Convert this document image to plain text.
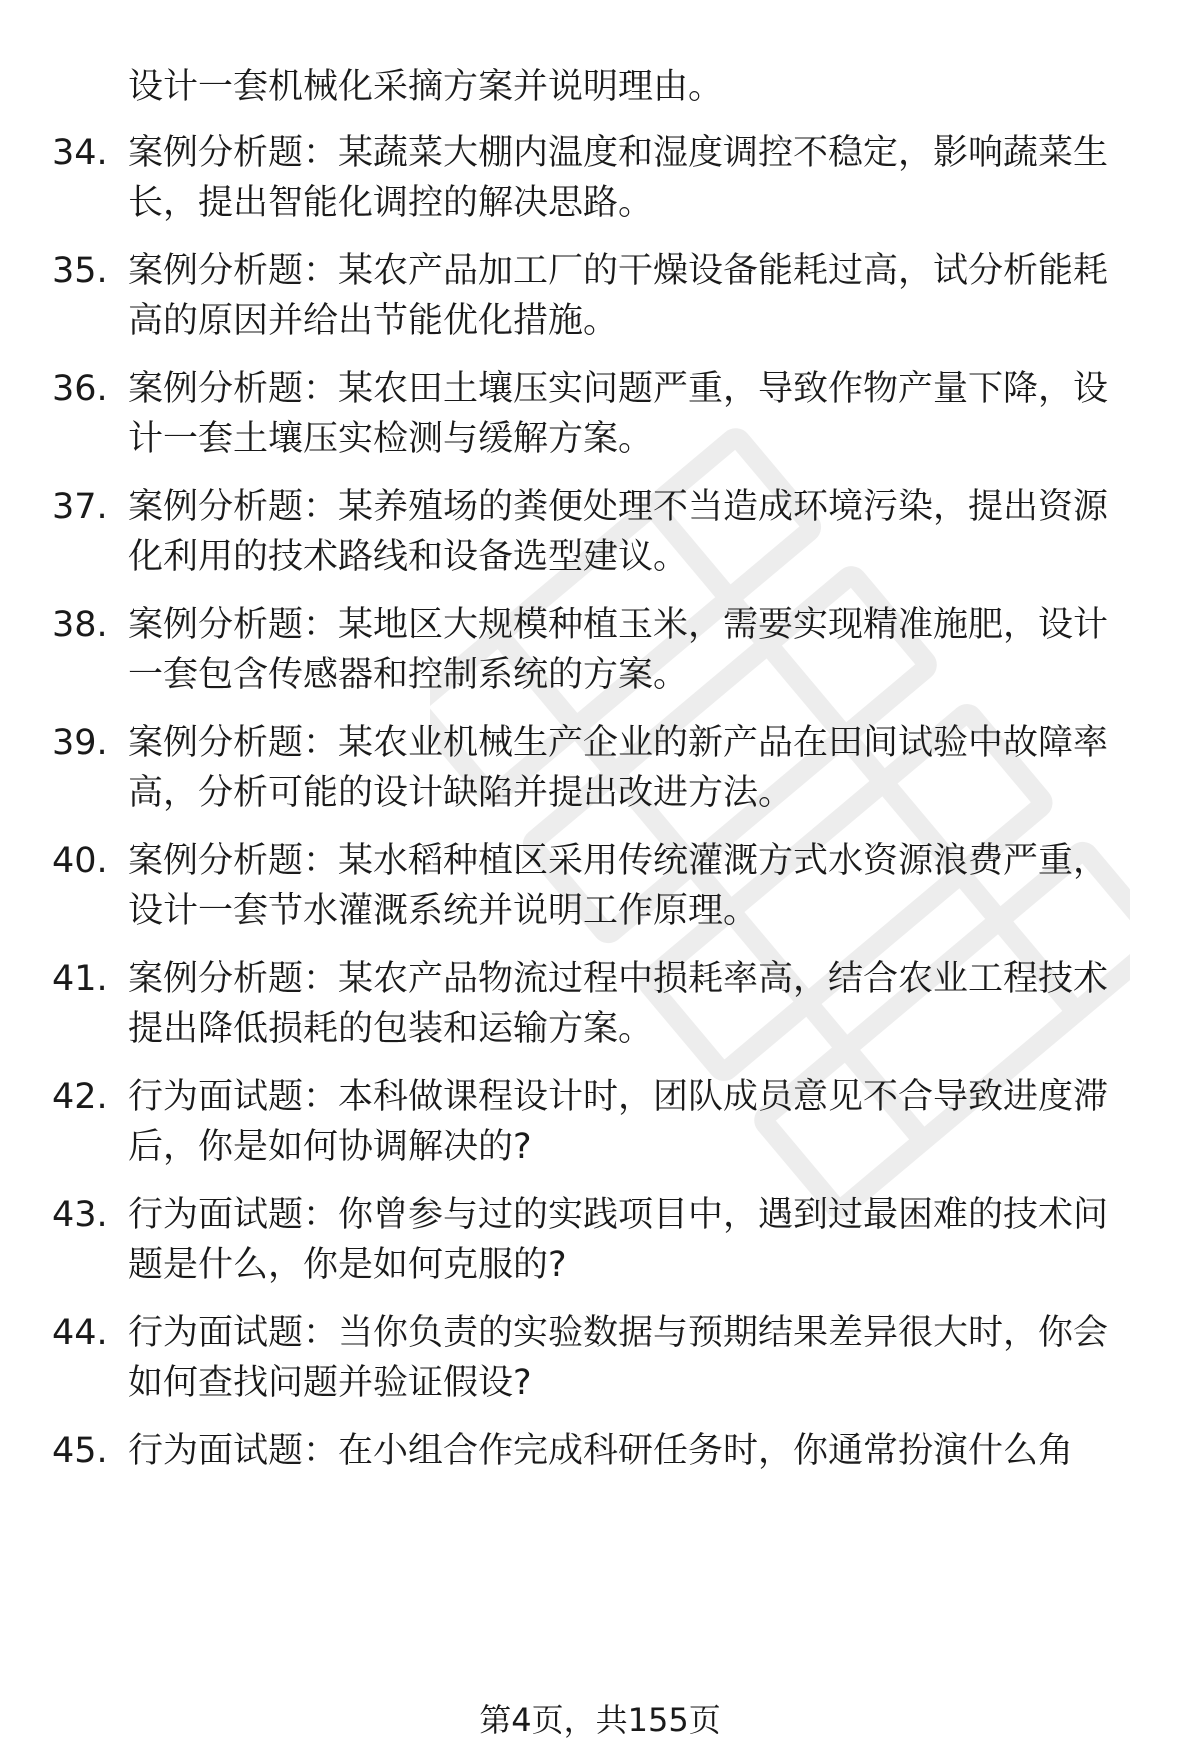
设计一套机械化采摘方案并说明理由。

34. 案例分析题：某蔬菜大棚内温度和湿度调控不稳定，影响蔬菜生
长，提出智能化调控的解决思路。
35. 案例分析题：某农产品加工厂的干燥设备能耗过高，试分析能耗
高的原因并给出节能优化措施。
36. 案例分析题：某农田土壤压实问题严重，导致作物产量下降，设
计一套土壤压实检测与缓解方案。
37. 案例分析题：某养殖场的粪便处理不当造成环境污染，提出资源
化利用的技术路线和设备选型建议。
38. 案例分析题：某地区大规模种植玉米，需要实现精准施肥，设计
一套包含传感器和控制系统的方案。
39. 案例分析题：某农业机械生产企业的新产品在田间试验中故障率
高，分析可能的设计缺陷并提出改进方法。
40. 案例分析题：某水稻种植区采用传统灌溉方式水资源浪费严重，
设计一套节水灌溉系统并说明工作原理。
41. 案例分析题：某农产品物流过程中损耗率高，结合农业工程技术
提出降低损耗的包装和运输方案。
42. 行为面试题：本科做课程设计时，团队成员意见不合导致进度滞
后，你是如何协调解决的?
43. 行为面试题：你曾参与过的实践项目中，遇到过最困难的技术问
题是什么，你是如何克服的?
44. 行为面试题：当你负责的实验数据与预期结果差异很大时，你会
如何查找问题并验证假设?
45. 行为面试题：在小组合作完成科研任务时，你通常扮演什么角
第4页，共155页
